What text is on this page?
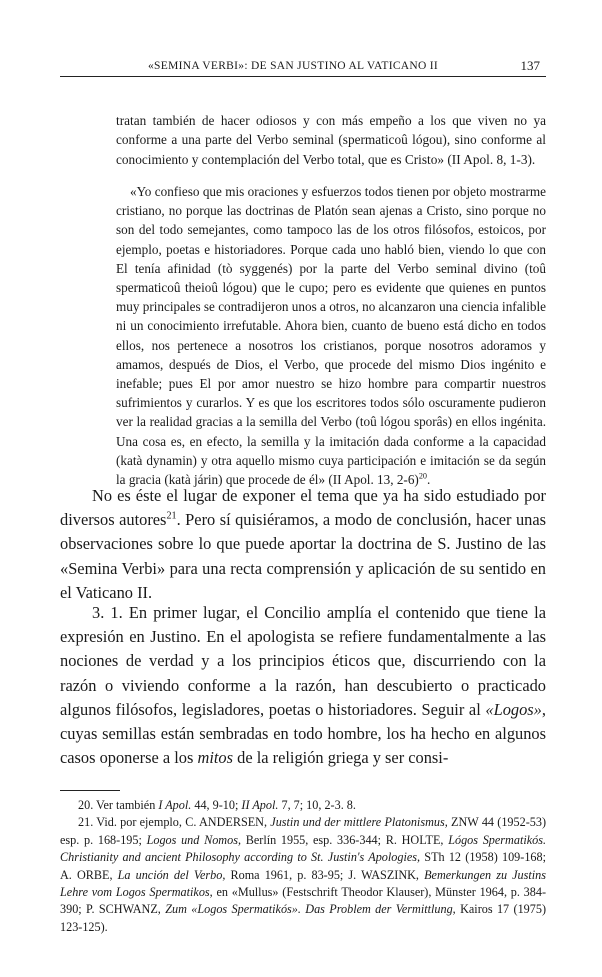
«SEMINA VERBI»: DE SAN JUSTINO AL VATICANO II	137
tratan también de hacer odiosos y con más empeño a los que viven no ya conforme a una parte del Verbo seminal (spermaticoû lógou), sino conforme al conocimiento y contemplación del Verbo total, que es Cristo» (II Apol. 8, 1-3).

«Yo confieso que mis oraciones y esfuerzos todos tienen por objeto mostrarme cristiano, no porque las doctrinas de Platón sean ajenas a Cristo, sino porque no son del todo semejantes, como tampoco las de los otros filósofos, estoicos, por ejemplo, poetas e historiadores. Porque cada uno habló bien, viendo lo que con El tenía afinidad (tò syggenés) por la parte del Verbo seminal divino (toû spermaticoû theioû lógou) que le cupo; pero es evidente que quienes en puntos muy principales se contradijeron unos a otros, no alcanzaron una ciencia infalible ni un conocimiento irrefutable. Ahora bien, cuanto de bueno está dicho en todos ellos, nos pertenece a nosotros los cristianos, porque nosotros adoramos y amamos, después de Dios, el Verbo, que procede del mismo Dios ingénito e inefable; pues El por amor nuestro se hizo hombre para compartir nuestros sufrimientos y curarlos. Y es que los escritores todos sólo oscuramente pudieron ver la realidad gracias a la semilla del Verbo (toû lógou sporâs) en ellos ingénita. Una cosa es, en efecto, la semilla y la imitación dada conforme a la capacidad (katà dynamin) y otra aquello mismo cuya participación e imitación se da según la gracia (katà járin) que procede de él» (II Apol. 13, 2-6)$^{20}$.

No es éste el lugar de exponer el tema que ya ha sido estudiado por diversos autores$^{21}$. Pero sí quisiéramos, a modo de conclusión, hacer unas observaciones sobre lo que puede aportar la doctrina de S. Justino de las «Semina Verbi» para una recta comprensión y aplicación de su sentido en el Vaticano II.

3. 1. En primer lugar, el Concilio amplía el contenido que tiene la expresión en Justino. En el apologista se refiere fundamentalmente a las nociones de verdad y a los principios éticos que, discurriendo con la razón o viviendo conforme a la razón, han descubierto o practicado algunos filósofos, legisladores, poetas o historiadores. Seguir al «Logos», cuyas semillas están sembradas en todo hombre, los ha hecho en algunos casos oponerse a los mitos de la religión griega y ser consi-

20. Ver también I Apol. 44, 9-10; II Apol. 7, 7; 10, 2-3. 8.

21. Vid. por ejemplo, C. ANDERSEN, Justin und der mittlere Platonismus, ZNW 44 (1952-53) esp. p. 168-195; Logos und Nomos, Berlín 1955, esp. 336-344; R. HOLTE, Lógos Spermatikós. Christianity and ancient Philosophy according to St. Justin's Apologies, STh 12 (1958) 109-168; A. ORBE, La unción del Verbo, Roma 1961, p. 83-95; J. WASZINK, Bemerkungen zu Justins Lehre vom Logos Spermatikos, en «Mullus» (Festschrift Theodor Klauser), Münster 1964, p. 384-390; P. SCHWANZ, Zum «Logos Spermatikós». Das Problem der Vermittlung, Kairos 17 (1975) 123-125).
